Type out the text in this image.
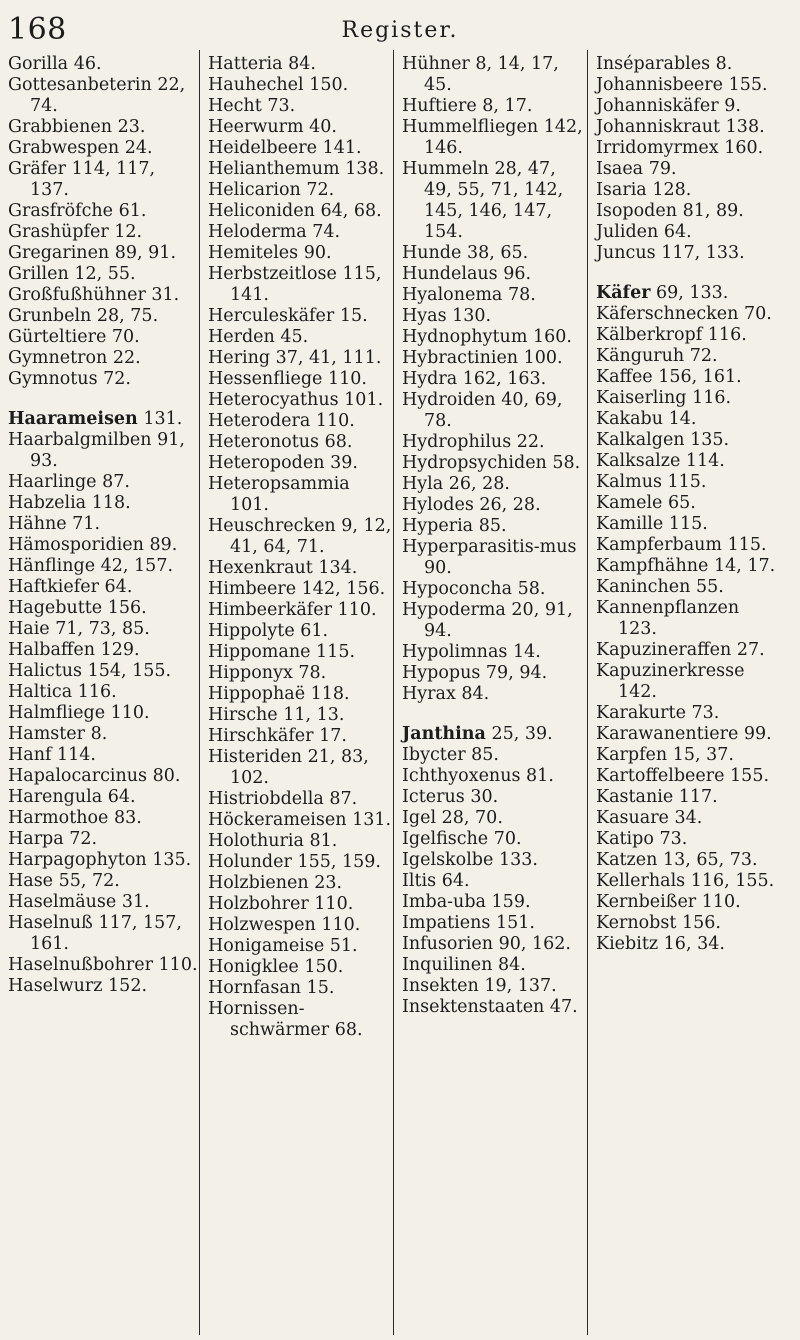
168	Register.
Gorilla 46.
Gottesanbeterin 22, 74.
Grabbienen 23.
Grabwespen 24.
Gräfer 114, 117, 137.
Grasfröfche 61.
Grashüpfer 12.
Gregarinen 89, 91.
Grillen 12, 55.
Großfußhühner 31.
Grunbeln 28, 75.
Gürteltiere 70.
Gymnetron 22.
Gymnotus 72.
Haarameisen 131.
Haarbalgmilben 91, 93.
Haarlinge 87.
Habzelia 118.
Hähne 71.
Hämosporidien 89.
Hänflinge 42, 157.
Haftkiefer 64.
Hagebutte 156.
Haie 71, 73, 85.
Halbaffen 129.
Halictus 154, 155.
Haltica 116.
Halmfliege 110.
Hamster 8.
Hanf 114.
Hapalocarcinus 80.
Harengula 64.
Harmothoe 83.
Harpa 72.
Harpagophyton 135.
Hase 55, 72.
Haselmäuse 31.
Haselnuß 117, 157, 161.
Haselnußbohrer 110.
Haselwurz 152.
Hatteria 84.
Hauhechel 150.
Hecht 73.
Heerwurm 40.
Heidelbeere 141.
Helianthemum 138.
Helicarion 72.
Heliconiden 64, 68.
Heloderma 74.
Hemiteles 90.
Herbstzeitlose 115, 141.
Herculeskäfer 15.
Herden 45.
Hering 37, 41, 111.
Hessenfliege 110.
Heterocyathus 101.
Heterodera 110.
Heteronotus 68.
Heteropoden 39.
Heteropsammia 101.
Heuschrecken 9, 12, 41, 64, 71.
Hexenkraut 134.
Himbeere 142, 156.
Himbeerkäfer 110.
Hippolyte 61.
Hippomane 115.
Hipponyx 78.
Hippophaë 118.
Hirsche 11, 13.
Hirschkäfer 17.
Histeriden 21, 83, 102.
Histriobdella 87.
Höckerameisen 131.
Holothuria 81.
Holunder 155, 159.
Holzbienen 23.
Holzbohrer 110.
Holzwespen 110.
Honigameise 51.
Honigklee 150.
Hornfasan 15.
Hornissen-schwärmer 68.
Hühner 8, 14, 17, 45.
Huftiere 8, 17.
Hummelfliegen 142, 146.
Hummeln 28, 47, 49, 55, 71, 142, 145, 146, 147, 154.
Hunde 38, 65.
Hundelaus 96.
Hyalonema 78.
Hyas 130.
Hydnophytum 160.
Hybractinien 100.
Hydra 162, 163.
Hydroiden 40, 69, 78.
Hydrophilus 22.
Hydropsychiden 58.
Hyla 26, 28.
Hylodes 26, 28.
Hyperia 85.
Hyperparasitis-mus 90.
Hypoconcha 58.
Hypoderma 20, 91, 94.
Hypolimnas 14.
Hypopus 79, 94.
Hyrax 84.
Janthina 25, 39.
Ibycter 85.
Ichthyoxenus 81.
Icterus 30.
Igel 28, 70.
Igelfische 70.
Igelskolbe 133.
Iltis 64.
Imba-uba 159.
Impatiens 151.
Infusorien 90, 162.
Inquilinen 84.
Insekten 19, 137.
Insektenstaaten 47.
Inséparables 8.
Johannisbeere 155.
Johanniskäfer 9.
Johanniskraut 138.
Irridomyrmex 160.
Isaea 79.
Isaria 128.
Isopoden 81, 89.
Juliden 64.
Juncus 117, 133.
Käfer 69, 133.
Käferschnecken 70.
Kälberkropf 116.
Känguruh 72.
Kaffee 156, 161.
Kaiserling 116.
Kakabu 14.
Kalkalgen 135.
Kalksalze 114.
Kalmus 115.
Kamele 65.
Kamille 115.
Kampferbaum 115.
Kampfhähne 14, 17.
Kaninchen 55.
Kannenpflanzen 123.
Kapuzineraffen 27.
Kapuzinerkresse 142.
Karakurte 73.
Karawanentiere 99.
Karpfen 15, 37.
Kartoffelbeere 155.
Kastanie 117.
Kasuare 34.
Katipo 73.
Katzen 13, 65, 73.
Kellerhals 116, 155.
Kernbeißer 110.
Kernobst 156.
Kiebitz 16, 34.
